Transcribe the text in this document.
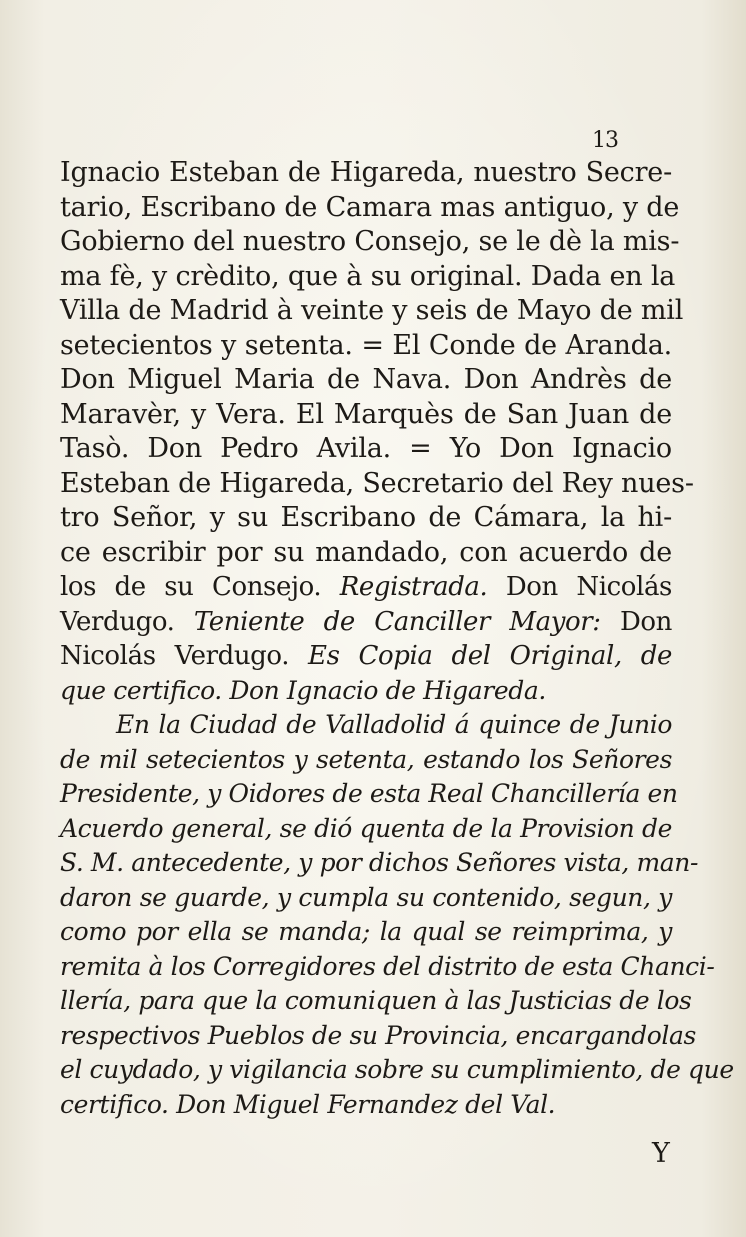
13
Ignacio Esteban de Higareda, nuestro Secre-
tario, Escribano de Camara mas antiguo, y de
Gobierno del nuestro Consejo, se le dè la mis-
ma fè, y crèdito, que à su original. Dada en la
Villa de Madrid à veinte y seis de Mayo de mil
setecientos y setenta. = El Conde de Aranda.
Don Miguel Maria de Nava. Don Andrès de
Maravèr, y Vera. El Marquès de San Juan de
Tasò. Don Pedro Avila. = Yo Don Ignacio
Esteban de Higareda, Secretario del Rey nues-
tro Señor, y su Escribano de Cámara, la hi-
ce escribir por su mandado, con acuerdo de
los de su Consejo. Registrada. Don Nicolás
Verdugo. Teniente de Canciller Mayor: Don
Nicolás Verdugo. Es Copia del Original, de
que certifico. Don Ignacio de Higareda.
En la Ciudad de Valladolid á quince de Junio
de mil setecientos y setenta, estando los Señores
Presidente, y Oidores de esta Real Chancillería en
Acuerdo general, se dió quenta de la Provision de
S. M. antecedente, y por dichos Señores vista, man-
daron se guarde, y cumpla su contenido, segun, y
como por ella se manda; la qual se reimprima, y
remita à los Corregidores del distrito de esta Chanci-
llería, para que la comuniquen à las Justicias de los
respectivos Pueblos de su Provincia, encargandolas
el cuydado, y vigilancia sobre su cumplimiento, de que
certifico. Don Miguel Fernandez del Val.
Y
